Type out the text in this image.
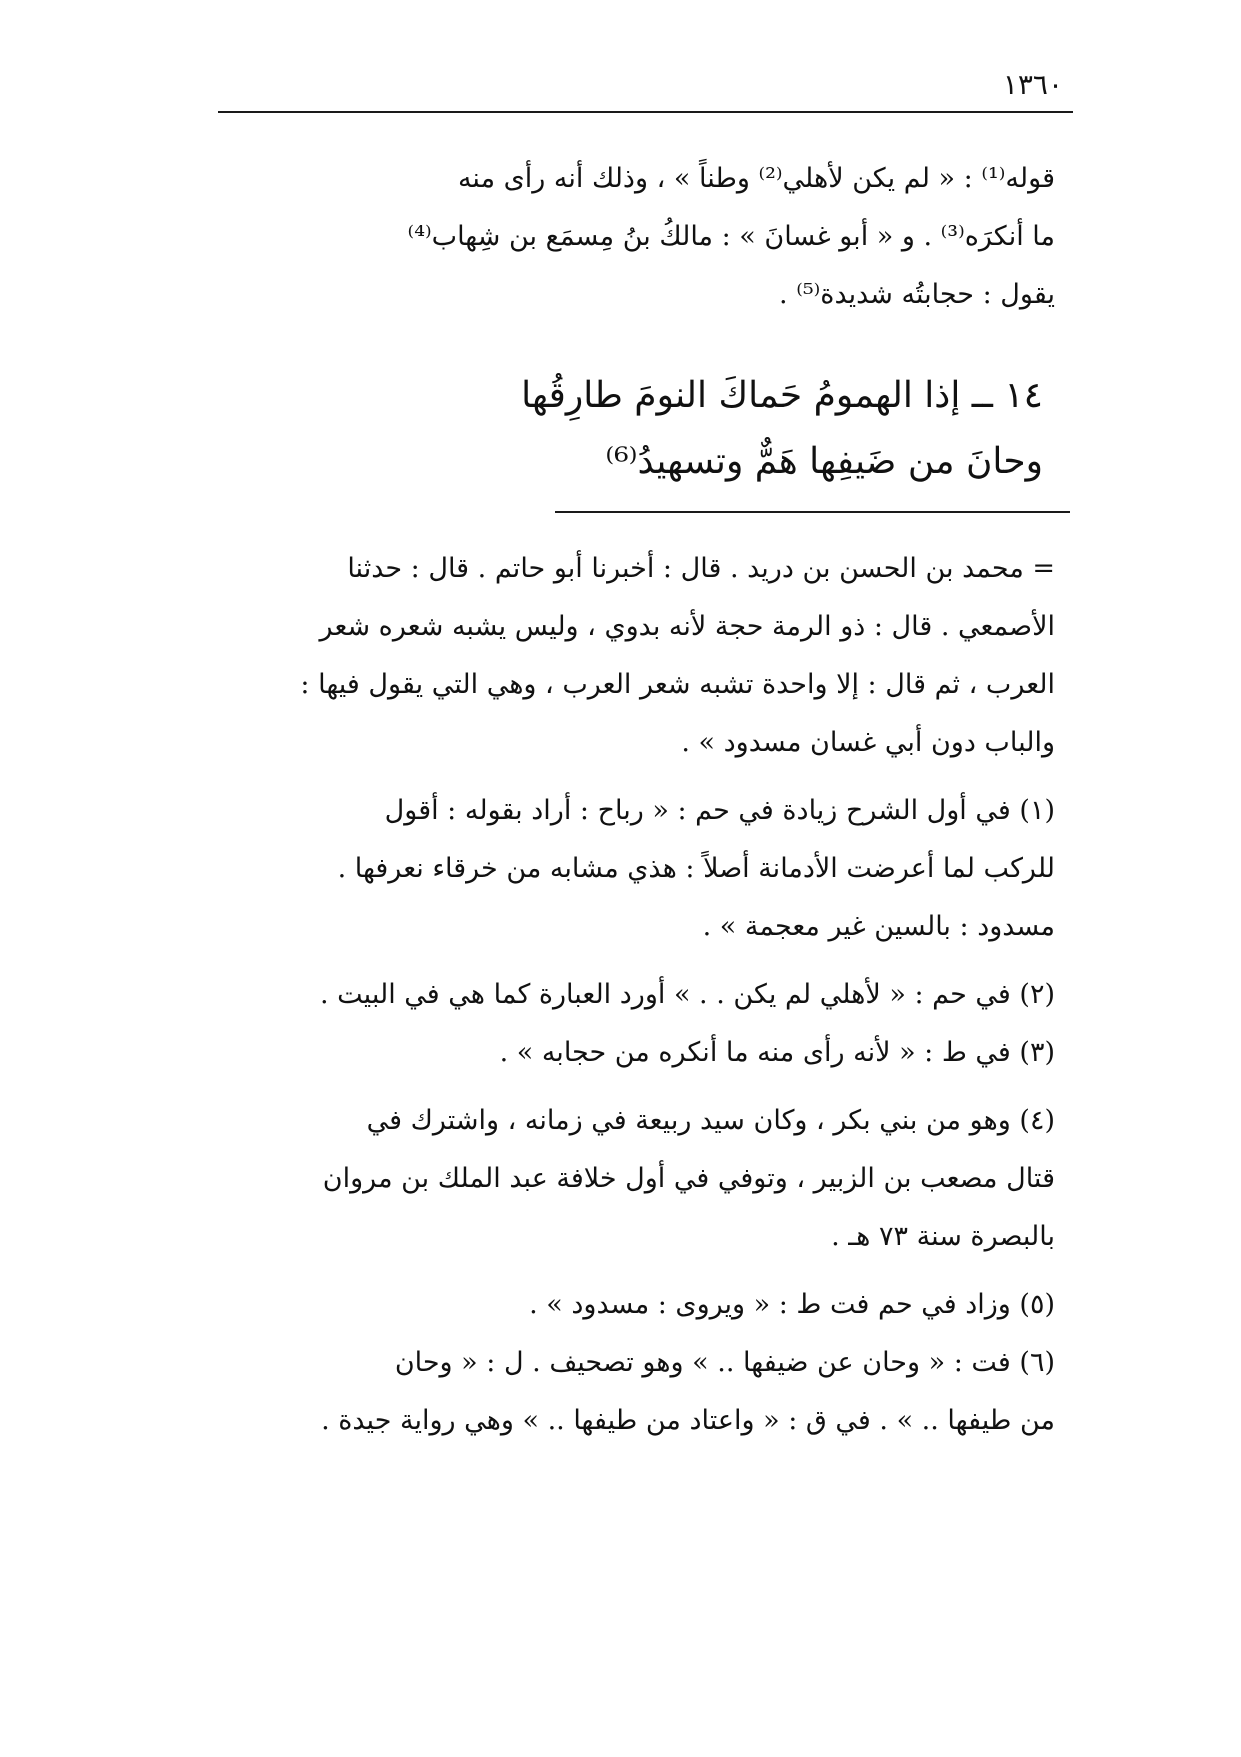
١٣٦٠
قوله⁽¹⁾ : « لم يكن لأهلي⁽²⁾ وطناً » ، وذلك أنه رأى منه
ما أنكرَه⁽³⁾ . و « أبو غسانَ » : مالكُ بنُ مِسمَع بن شِهاب⁽⁴⁾
يقول : حجابتُه شديدة⁽⁵⁾ .
١٤ ــ إذا الهمومُ حَماكَ النومَ طارِقُها
وحانَ من ضَيفِها هَمٌّ وتسهيدُ⁽⁶⁾
= محمد بن الحسن بن دريد . قال : أخبرنا أبو حاتم . قال : حدثنا
الأصمعي . قال : ذو الرمة حجة لأنه بدوي ، وليس يشبه شعره شعر
العرب ، ثم قال : إلا واحدة تشبه شعر العرب ، وهي التي يقول فيها :
والباب دون أبي غسان مسدود » .
(١) في أول الشرح زيادة في حم : « رباح : أراد بقوله : أقول
للركب لما أعرضت الأدمانة أصلاً : هذي مشابه من خرقاء نعرفها .
مسدود : بالسين غير معجمة » .
(٢) في حم : « لأهلي لم يكن . . » أورد العبارة كما هي في البيت .
(٣) في ط : « لأنه رأى منه ما أنكره من حجابه » .
(٤) وهو من بني بكر ، وكان سيد ربيعة في زمانه ، واشترك في
قتال مصعب بن الزبير ، وتوفي في أول خلافة عبد الملك بن مروان
بالبصرة سنة ٧٣ هـ .
(٥) وزاد في حم فت ط : « ويروى : مسدود » .
(٦) فت : « وحان عن ضيفها .. » وهو تصحيف . ل : « وحان
من طيفها .. » . في ق : « واعتاد من طيفها .. » وهي رواية جيدة .
